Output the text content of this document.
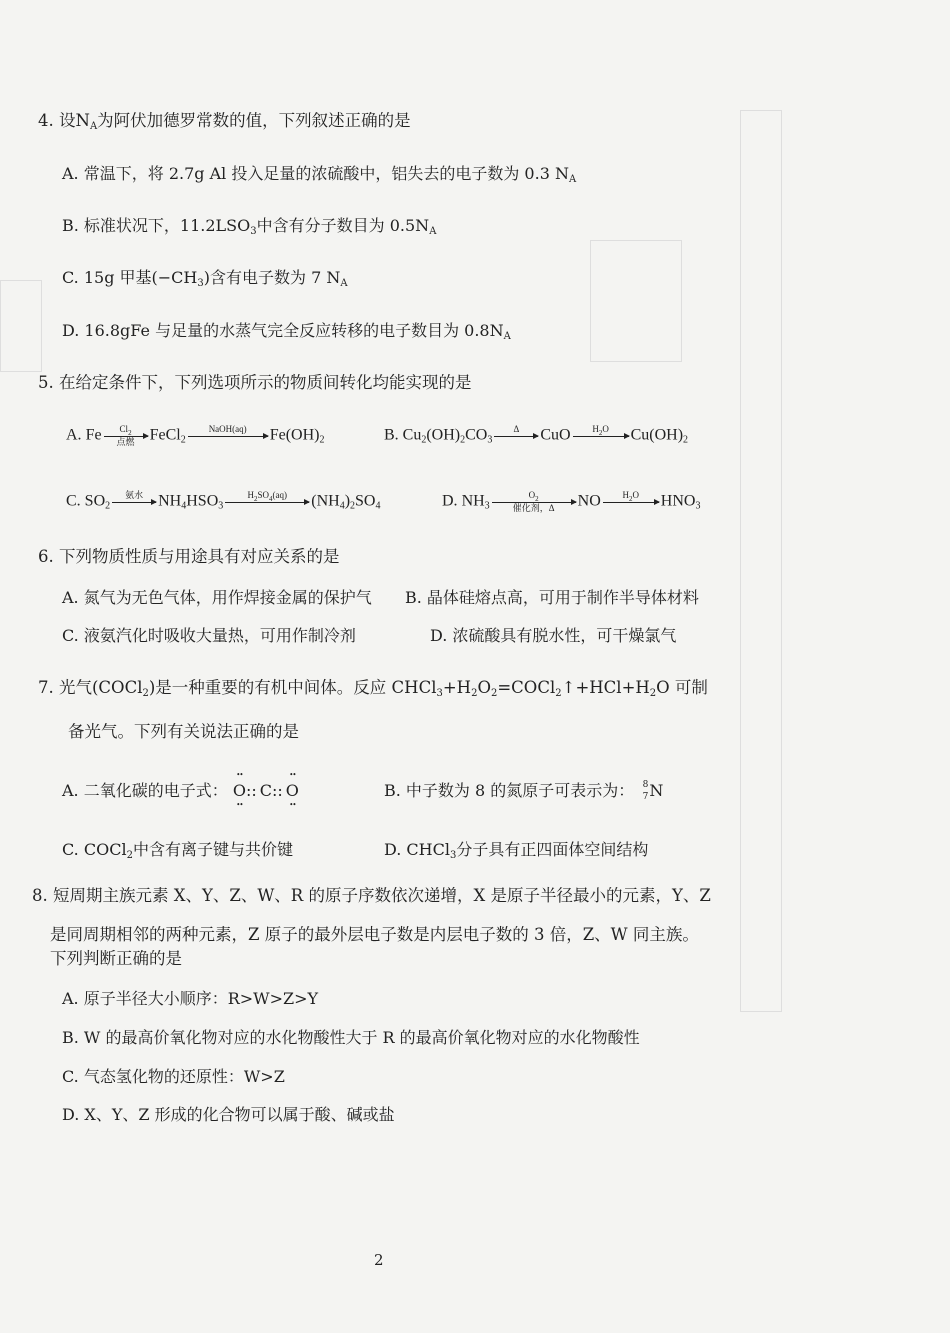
4. 设$N_A$为阿伏加德罗常数的值，下列叙述正确的是
A. 常温下，将 2.7g Al 投入足量的浓硫酸中，铝失去的电子数为 0.3 $N_A$
B. 标准状况下，$11.2LSO_3$中含有分子数目为 $0.5N_A$
C. 15g 甲基$(-CH_3)$含有电子数为 7 $N_A$
D. 16.8gFe 与足量的水蒸气完全反应转移的电子数目为 $0.8N_A$
5. 在给定条件下，下列选项所示的物质间转化均能实现的是
A. Fe	$Cl_2$
点燃 FeCl$_2$
NaOH(aq)	$Fe(OH)_2$	B. $Cu_2(OH)_2CO_3$
Δ	CuO	$H_2O$	$Cu(OH)_2$
C. $SO_2$
氨水 $NH_4HSO_3$
$H_2SO_4(aq)$	$(NH_4)_2SO_4$	D. $NH_3$
$O_2$
催化剂，Δ	NO	$H_2O$	$HNO_3$
6. 下列物质性质与用途具有对应关系的是
A. 氮气为无色气体，用作焊接金属的保护气 B. 晶体硅熔点高，可用于制作半导体材料
C. 液氨汽化时吸收大量热，可用作制冷剂	D. 浓硫酸具有脱水性，可干燥氯气
7. 光气(COCl$_2$)是一种重要的有机中间体。反应 $CHCl_3+H_2O_2=COCl_2↑+HCl+H_2O$ 可制
备光气。下列有关说法正确的是
A. 二氧化碳的电子式： •• O ••:: C:: •• O ••	B. 中子数为 8 的氮原子可表示为： 8
7 N
C. COCl$_2$中含有离子键与共价键	D. CHCl$_3$分子具有正四面体空间结构
8. 短周期主族元素 X、Y、Z、W、R 的原子序数依次递增，X 是原子半径最小的元素，Y、Z
是同周期相邻的两种元素，Z 原子的最外层电子数是内层电子数的 3 倍，Z、W 同主族。
下列判断正确的是
A. 原子半径大小顺序：R>W>Z>Y
B. W 的最高价氧化物对应的水化物酸性大于 R 的最高价氧化物对应的水化物酸性
C. 气态氢化物的还原性：W>Z
D. X、Y、Z 形成的化合物可以属于酸、碱或盐
2
